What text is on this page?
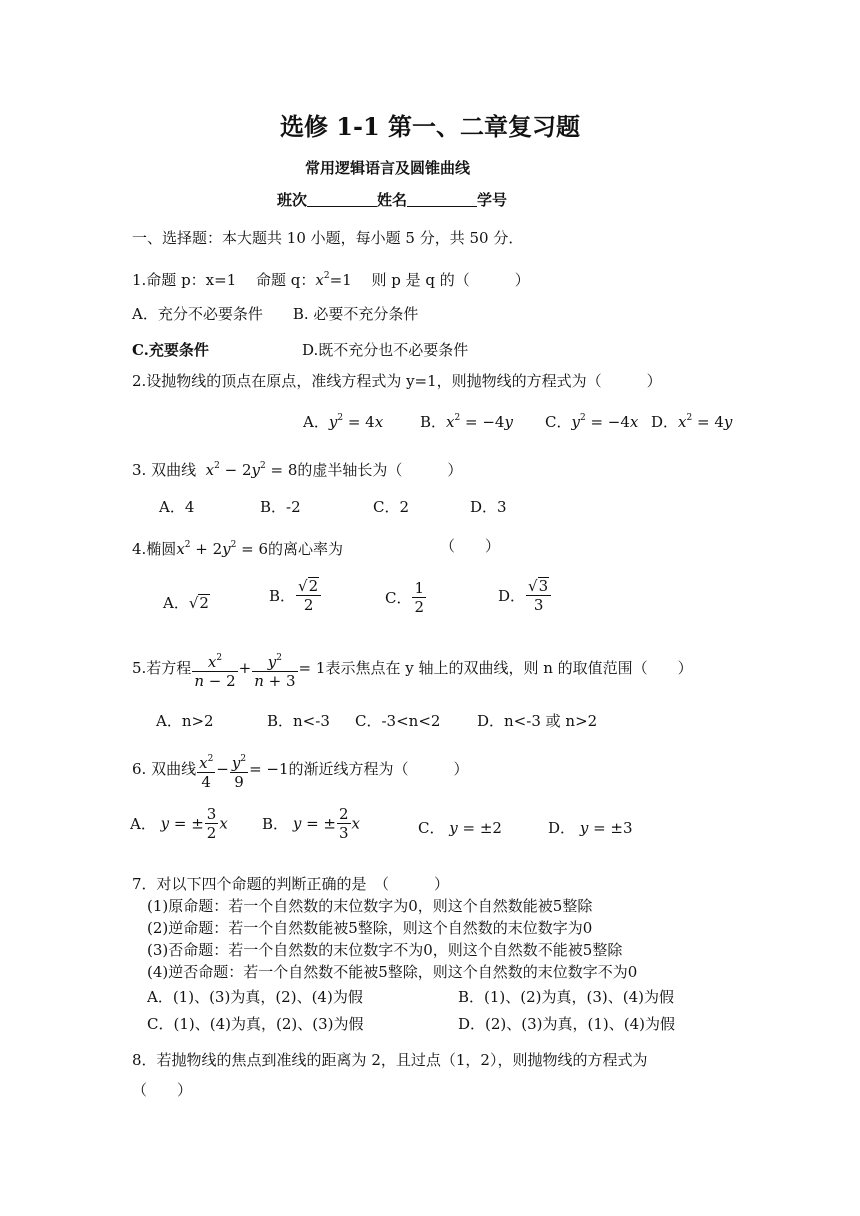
选修 1-1 第一、二章复习题
常用逻辑语言及圆锥曲线
班次	姓名	学号
一、选择题：本大题共 10 小题，每小题 5 分，共 50 分．
1.命题 p：x=1　 命题 q：$x^2=1$　 则 p 是 q 的（　　　）
A．充分不必要条件　　B. 必要不充分条件
C.充要条件	D.既不充分也不必要条件
2.设抛物线的顶点在原点，准线方程式为 y=1，则抛物线的方程式为（　　　）
A．$y^2 = 4x$ B．$x^2 = -4y$ C．$y^2 = -4x$ D．$x^2 = 4y$
3. 双曲线 $x^2 - 2y^2 = 8$的虚半轴长为（　　　）
A．4	B．-2	C．2	D．3
4.椭圆$x^2 + 2y^2 = 6$的离心率为	（　　）
A．√2	B． $\frac{√2}{2}$	C． $\frac{1}{2}$	D． $\frac{√3}{3}$
5.若方程 $\frac{x^2}{n - 2} + \frac{y^2}{n + 3} = 1$表示焦点在 y 轴上的双曲线，则 n 的取值范围（　　）
A．n>2	B．n<-3 C．-3<n<2 D．n<-3 或 n>2
6. 双曲线 $\frac{x^2}{4} - \frac{y^2}{9} = -1$的渐近线方程为（　　　）
A． y = ± $\frac{3}{2}$ x B． y = ± $\frac{2}{3}$ x	C． y = ±2	D． y = ±3
7．对以下四个命题的判断正确的是　（　　　）
(1)原命题：若一个自然数的末位数字为0，则这个自然数能被5整除
(2)逆命题：若一个自然数能被5整除，则这个自然数的末位数字为0
(3)否命题：若一个自然数的末位数字不为0，则这个自然数不能被5整除
(4)逆否命题：若一个自然数不能被5整除，则这个自然数的末位数字不为0
A．(1)、(3)为真，(2)、(4)为假	B．(1)、(2)为真，(3)、(4)为假
C．(1)、(4)为真，(2)、(3)为假	D．(2)、(3)为真，(1)、(4)为假
8．若抛物线的焦点到准线的距离为 2，且过点（1，2），则抛物线的方程式为
（　　）
